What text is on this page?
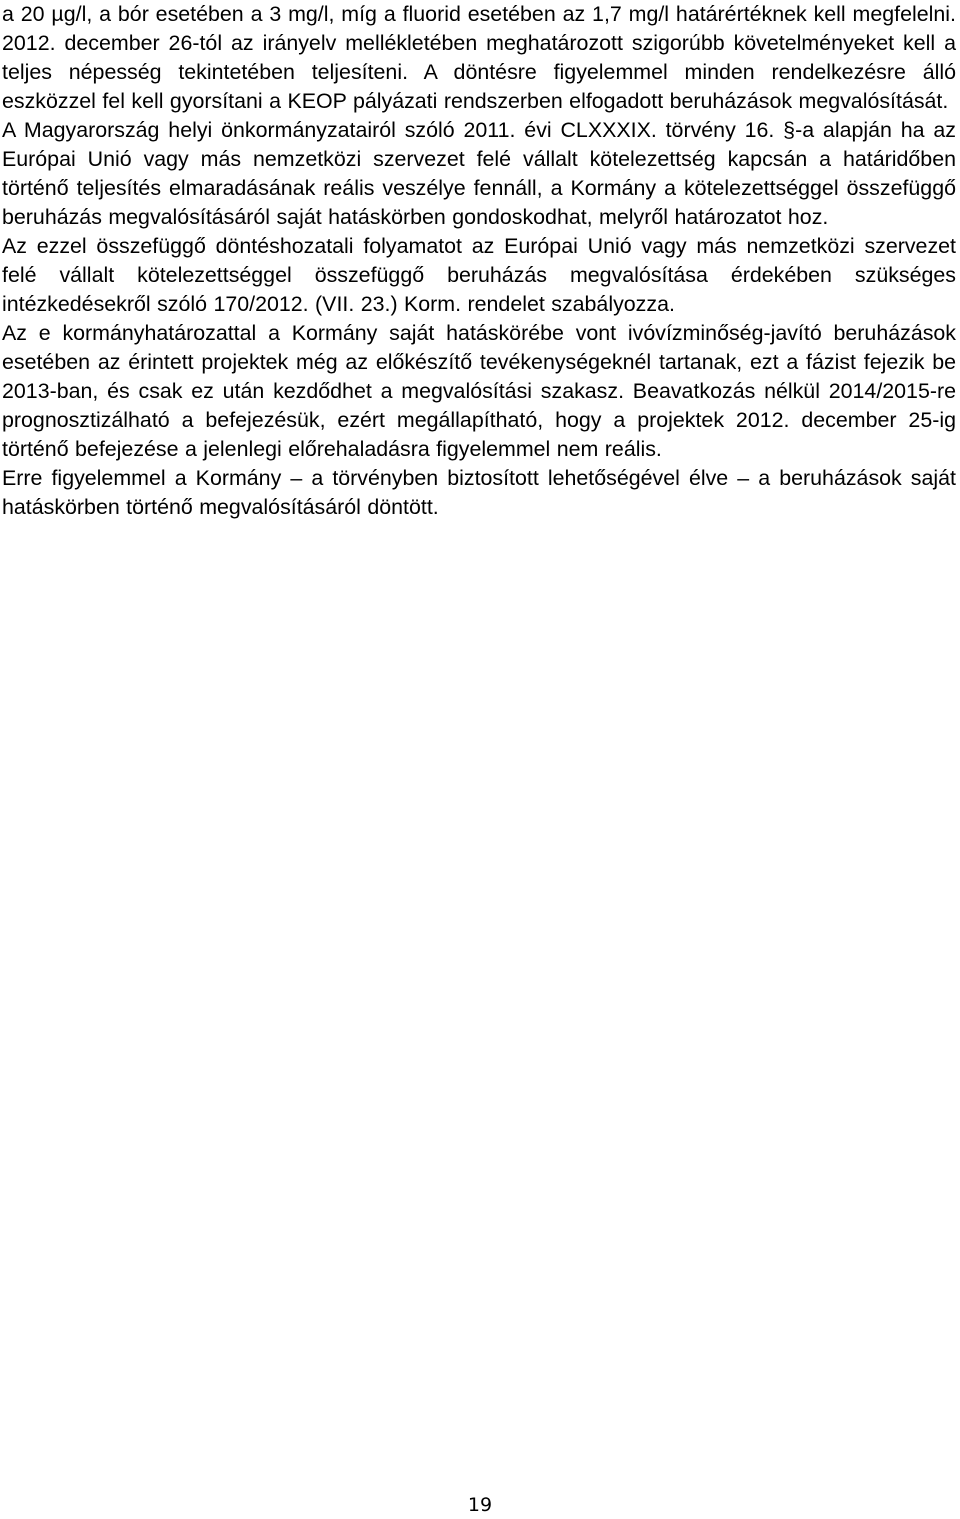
a 20 µg/l, a bór esetében a 3 mg/l, míg a fluorid esetében az 1,7 mg/l határértéknek kell megfelelni. 2012. december 26-tól az irányelv mellékletében meghatározott szigorúbb követelményeket kell a teljes népesség tekintetében teljesíteni. A döntésre figyelemmel minden rendelkezésre álló eszközzel fel kell gyorsítani a KEOP pályázati rendszerben elfogadott beruházások megvalósítását.

A Magyarország helyi önkormányzatairól szóló 2011. évi CLXXXIX. törvény 16. §-a alapján ha az Európai Unió vagy más nemzetközi szervezet felé vállalt kötelezettség kapcsán a határidőben történő teljesítés elmaradásának reális veszélye fennáll, a Kormány a kötelezettséggel összefüggő beruházás megvalósításáról saját hatáskörben gondoskodhat, melyről határozatot hoz.

Az ezzel összefüggő döntéshozatali folyamatot az Európai Unió vagy más nemzetközi szervezet felé vállalt kötelezettséggel összefüggő beruházás megvalósítása érdekében szükséges intézkedésekről szóló 170/2012. (VII. 23.) Korm. rendelet szabályozza.

Az e kormányhatározattal a Kormány saját hatáskörébe vont ivóvízminőség-javító beruházások esetében az érintett projektek még az előkészítő tevékenységeknél tartanak, ezt a fázist fejezik be 2013-ban, és csak ez után kezdődhet a megvalósítási szakasz. Beavatkozás nélkül 2014/2015-re prognosztizálható a befejezésük, ezért megállapítható, hogy a projektek 2012. december 25-ig történő befejezése a jelenlegi előrehaladásra figyelemmel nem reális.

Erre figyelemmel a Kormány – a törvényben biztosított lehetőségével élve – a beruházások saját hatáskörben történő megvalósításáról döntött.

19
